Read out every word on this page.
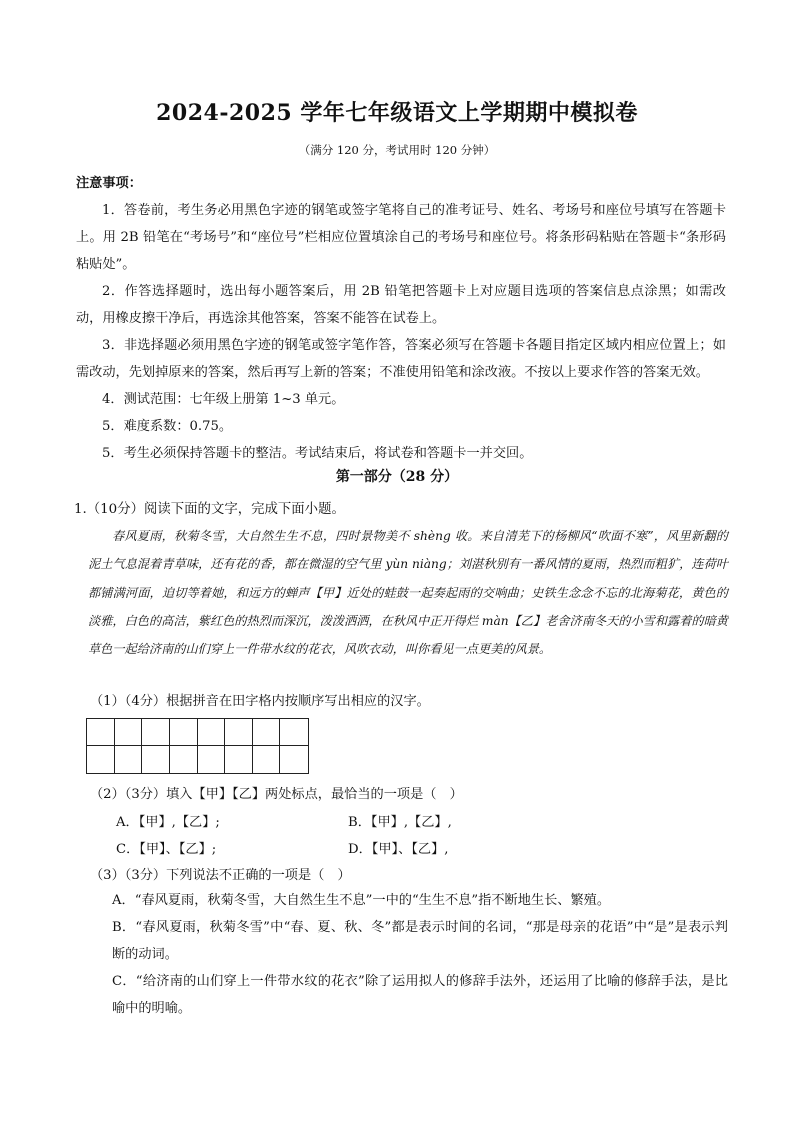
2024-2025 学年七年级语文上学期期中模拟卷
（满分 120 分，考试用时 120 分钟）

注意事项：

1．答卷前，考生务必用黑色字迹的钢笔或签字笔将自己的准考证号、姓名、考场号和座位号填写在答题卡上。用 2B 铅笔在“考场号”和“座位号”栏相应位置填涂自己的考场号和座位号。将条形码粘贴在答题卡“条形码粘贴处”。

2．作答选择题时，选出每小题答案后，用 2B 铅笔把答题卡上对应题目选项的答案信息点涂黑；如需改动，用橡皮擦干净后，再选涂其他答案，答案不能答在试卷上。

3．非选择题必须用黑色字迹的钢笔或签字笔作答，答案必须写在答题卡各题目指定区域内相应位置上；如需改动，先划掉原来的答案，然后再写上新的答案；不准使用铅笔和涂改液。不按以上要求作答的答案无效。

4．测试范围：七年级上册第 1~3 单元。

5．难度系数：0.75。

5．考生必须保持答题卡的整洁。考试结束后，将试卷和答题卡一并交回。

第一部分（28 分）
1.（10分）阅读下面的文字，完成下面小题。

春风夏雨，秋菊冬雪，大自然生生不息，四时景物美不 shèng 收。来自清芜下的杨柳风“吹面不寒”，风里新翻的泥土气息混着青草味，还有花的香，都在微湿的空气里 yùn niàng；刘湛秋别有一番风情的夏雨，热烈而粗犷，连荷叶都铺满河面，迫切等着她，和远方的蝉声【甲】近处的蛙鼓一起奏起雨的交响曲；史铁生念念不忘的北海菊花，黄色的淡雅，白色的高洁，紫红色的热烈而深沉，泼泼洒洒，在秋风中正开得烂 màn【乙】老舍济南冬天的小雪和露着的暗黄草色一起给济南的山们穿上一件带水纹的花衣，风吹衣动，叫你看见一点更美的风景。

（1）（4分）根据拼音在田字格内按顺序写出相应的汉字。
（2）（3分）填入【甲】【乙】两处标点，最恰当的一项是（　）
A．【甲】,【乙】;	B．【甲】,【乙】,
C．【甲】、【乙】;	D．【甲】、【乙】,
（3）（3分）下列说法不正确的一项是（　）
A．“春风夏雨，秋菊冬雪，大自然生生不息”一中的“生生不息”指不断地生长、繁殖。
B．“春风夏雨，秋菊冬雪”中“春、夏、秋、冬”都是表示时间的名词，“那是母亲的花语”中“是”是表示判断的动词。
C．“给济南的山们穿上一件带水纹的花衣”除了运用拟人的修辞手法外，还运用了比喻的修辞手法，是比喻中的明喻。
